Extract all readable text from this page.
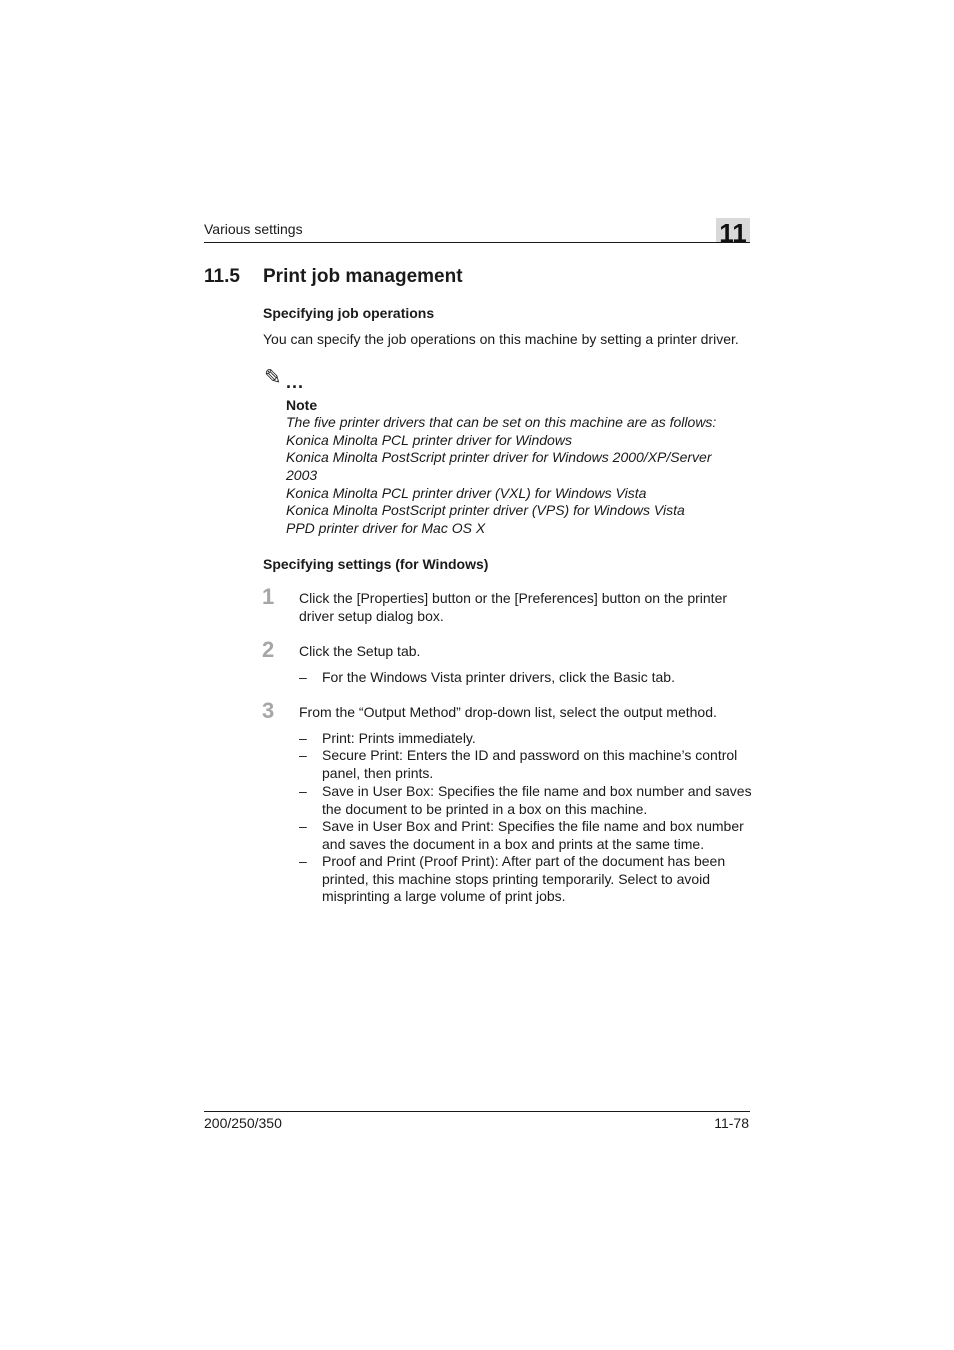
Various settings	11
11.5 Print job management
Specifying job operations
You can specify the job operations on this machine by setting a printer driver.
✎ ...
Note
The five printer drivers that can be set on this machine are as follows:
Konica Minolta PCL printer driver for Windows
Konica Minolta PostScript printer driver for Windows 2000/XP/Server
2003
Konica Minolta PCL printer driver (VXL) for Windows Vista
Konica Minolta PostScript printer driver (VPS) for Windows Vista
PPD printer driver for Mac OS X
Specifying settings (for Windows)
1 Click the [Properties] button or the [Preferences] button on the printer driver setup dialog box.
2 Click the Setup tab.
– For the Windows Vista printer drivers, click the Basic tab.
3 From the “Output Method” drop-down list, select the output method.
– Print: Prints immediately.
– Secure Print: Enters the ID and password on this machine’s control panel, then prints.
– Save in User Box: Specifies the file name and box number and saves the document to be printed in a box on this machine.
– Save in User Box and Print: Specifies the file name and box number and saves the document in a box and prints at the same time.
– Proof and Print (Proof Print): After part of the document has been printed, this machine stops printing temporarily. Select to avoid misprinting a large volume of print jobs.
200/250/350	11-78
